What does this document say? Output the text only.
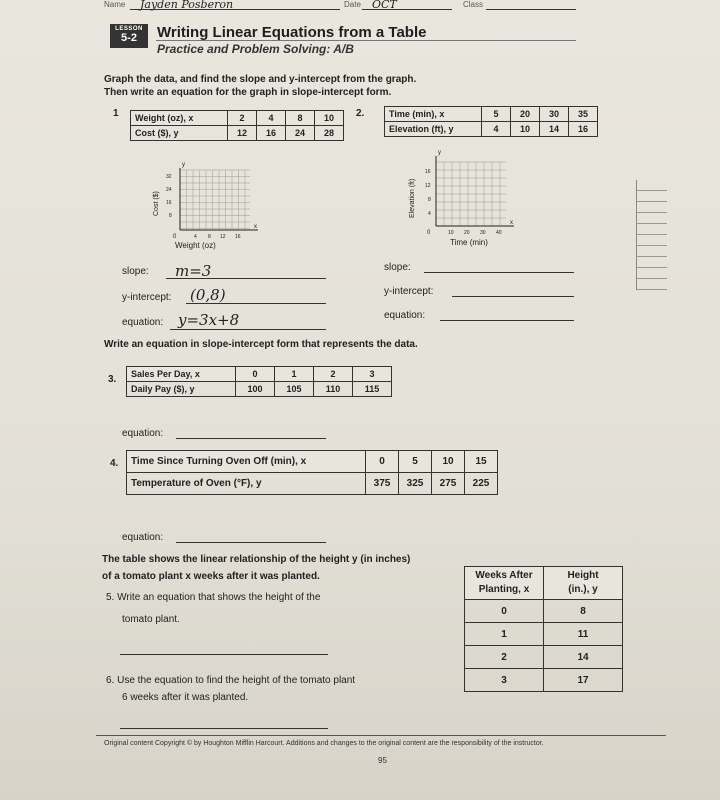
Name Jayden Posberon	Date OCT	Class
LESSON
5-2	Writing Linear Equations from a Table
Practice and Problem Solving: A/B
Graph the data, and find the slope and y-intercept from the graph.
Then write an equation for the graph in slope-intercept form.
1 Weight (oz), x	2	4	8	10
Cost ($), y	12	16	24	28
y
x
0
32
24
16
8
4 8 12 16
Cost ($)
Weight (oz)
slope: m=3
y-intercept: (0,8)
equation: y=3x+8
2.	Time (min), x	5	20	30	35
Elevation (ft), y	4	10	14	16
y
x
0
16
12
8
4
10 20 30 40
Elevation (ft)
Time (min)
slope:
y-intercept:
equation:
Write an equation in slope-intercept form that represents the data.
3. Sales Per Day, x	0	1	2	3
Daily Pay ($), y	100	105	110	115
equation:
4. Time Since Turning Oven Off (min), x	0	5	10	15
Temperature of Oven (°F), y	375	325	275	225
equation:
The table shows the linear relationship of the height y (in inches)
of a tomato plant x weeks after it was planted.
5. Write an equation that shows the height of the
tomato plant.
6. Use the equation to find the height of the tomato plant
6 weeks after it was planted.
Weeks After
Planting, x	Height
(in.), y
0	8
1	11
2	14
3	17
Original content Copyright © by Houghton Mifflin Harcourt. Additions and changes to the original content are the responsibility of the instructor.
95
